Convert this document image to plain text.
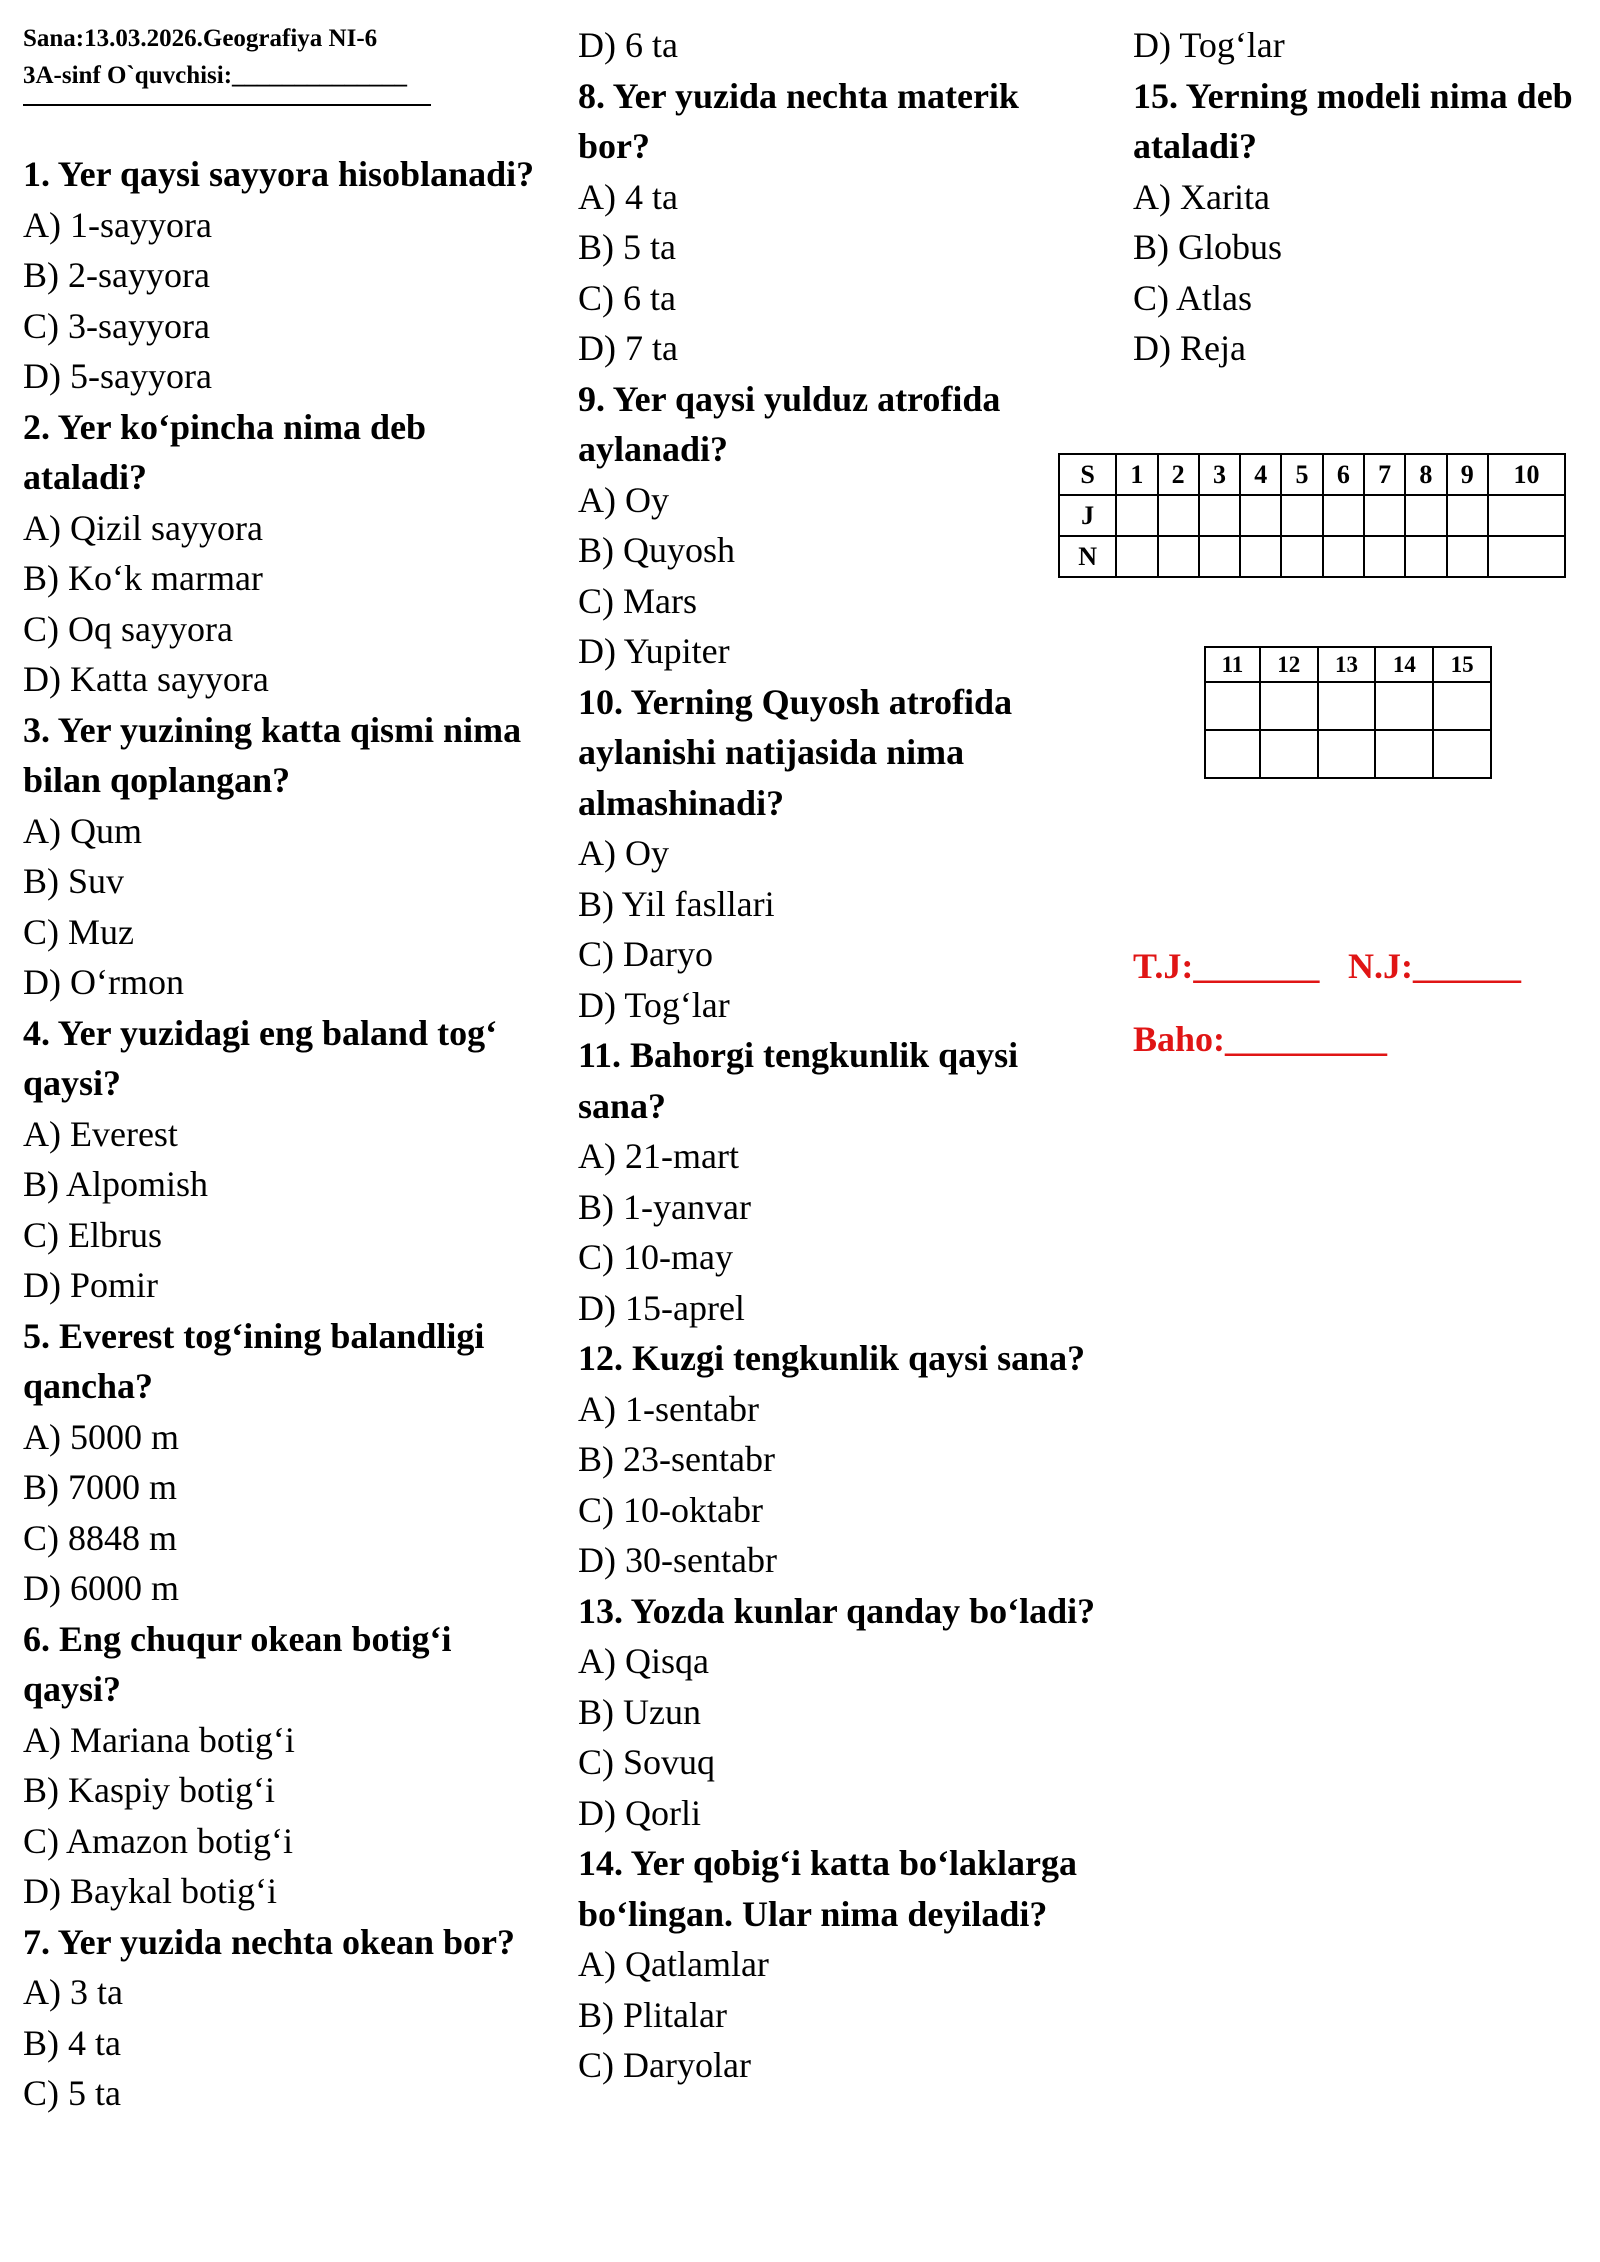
Sana:13.03.2026.Geografiya NI-6
3A-sinf O`quvchisi:______________
1. Yer qaysi sayyora hisoblanadi?
A) 1-sayyora
B) 2-sayyora
C) 3-sayyora
D) 5-sayyora
2. Yer ko‘pincha nima deb ataladi?
A) Qizil sayyora
B) Ko‘k marmar
C) Oq sayyora
D) Katta sayyora
3. Yer yuzining katta qismi nima bilan qoplangan?
A) Qum
B) Suv
C) Muz
D) O‘rmon
4. Yer yuzidagi eng baland tog‘ qaysi?
A) Everest
B) Alpomish
C) Elbrus
D) Pomir
5. Everest tog‘ining balandligi qancha?
A) 5000 m
B) 7000 m
C) 8848 m
D) 6000 m
6. Eng chuqur okean botig‘i qaysi?
A) Mariana botig‘i
B) Kaspiy botig‘i
C) Amazon botig‘i
D) Baykal botig‘i
7. Yer yuzida nechta okean bor?
A) 3 ta
B) 4 ta
C) 5 ta
D) 6 ta
8. Yer yuzida nechta materik bor?
A) 4 ta
B) 5 ta
C) 6 ta
D) 7 ta
9. Yer qaysi yulduz atrofida aylanadi?
A) Oy
B) Quyosh
C) Mars
D) Yupiter
10. Yerning Quyosh atrofida aylanishi natijasida nima almashinadi?
A) Oy
B) Yil fasllari
C) Daryo
D) Tog‘lar
11. Bahorgi tengkunlik qaysi sana?
A) 21-mart
B) 1-yanvar
C) 10-may
D) 15-aprel
12. Kuzgi tengkunlik qaysi sana?
A) 1-sentabr
B) 23-sentabr
C) 10-oktabr
D) 30-sentabr
13. Yozda kunlar qanday bo‘ladi?
A) Qisqa
B) Uzun
C) Sovuq
D) Qorli
14. Yer qobig‘i katta bo‘laklarga bo‘lingan. Ular nima deyiladi?
A) Qatlamlar
B) Plitalar
C) Daryolar
D) Tog‘lar
15. Yerning modeli nima deb ataladi?
A) Xarita
B) Globus
C) Atlas
D) Reja
S	1	2	3	4	5	6	7	8	9	10
J										
N										
11	12	13	14	15

T.J:_______ N.J:______
Baho:_________
